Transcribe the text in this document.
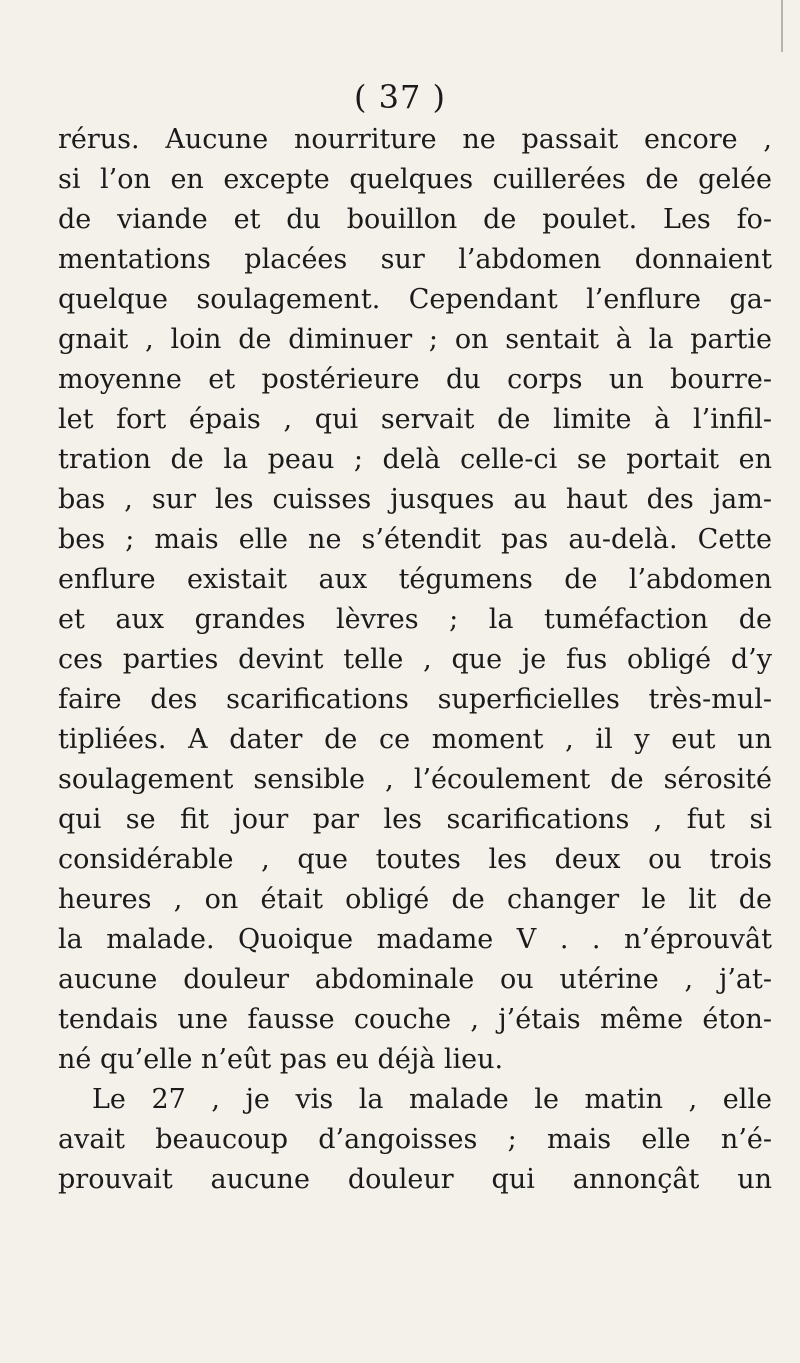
( 37 )
rérus. Aucune nourriture ne passait encore ,
si l’on en excepte quelques cuillerées de gelée
de viande et du bouillon de poulet. Les fo-
mentations placées sur l’abdomen donnaient
quelque soulagement. Cependant l’enflure ga-
gnait , loin de diminuer ; on sentait à la partie
moyenne et postérieure du corps un bourre-
let fort épais , qui servait de limite à l’infil-
tration de la peau ; delà celle-ci se portait en
bas , sur les cuisses jusques au haut des jam-
bes ; mais elle ne s’étendit pas au-delà. Cette
enflure existait aux tégumens de l’abdomen
et aux grandes lèvres ; la tuméfaction de
ces parties devint telle , que je fus obligé d’y
faire des scarifications superficielles très-mul-
tipliées. A dater de ce moment , il y eut un
soulagement sensible , l’écoulement de sérosité
qui se fit jour par les scarifications , fut si
considérable , que toutes les deux ou trois
heures , on était obligé de changer le lit de
la malade. Quoique madame V . . n’éprouvât
aucune douleur abdominale ou utérine , j’at-
tendais une fausse couche , j’étais même éton-
né qu’elle n’eût pas eu déjà lieu.
Le 27 , je vis la malade le matin , elle
avait beaucoup d’angoisses ; mais elle n’é-
prouvait aucune douleur qui annonçât un
